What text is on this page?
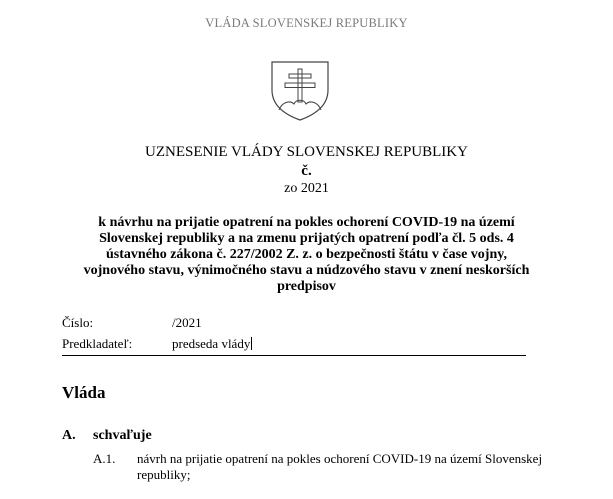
VLÁDA SLOVENSKEJ REPUBLIKY
UZNESENIE VLÁDY SLOVENSKEJ REPUBLIKY
č.
zo 2021
k návrhu na prijatie opatrení na pokles ochorení COVID-19 na území Slovenskej republiky a na zmenu prijatých opatrení podľa čl. 5 ods. 4 ústavného zákona č. 227/2002 Z. z. o bezpečnosti štátu v čase vojny, vojnového stavu, výnimočného stavu a núdzového stavu v znení neskorších predpisov
Číslo:	/2021
Predkladateľ:	predseda vlády
Vláda
A. schvaľuje
A.1. návrh na prijatie opatrení na pokles ochorení COVID-19 na území Slovenskej republiky;
